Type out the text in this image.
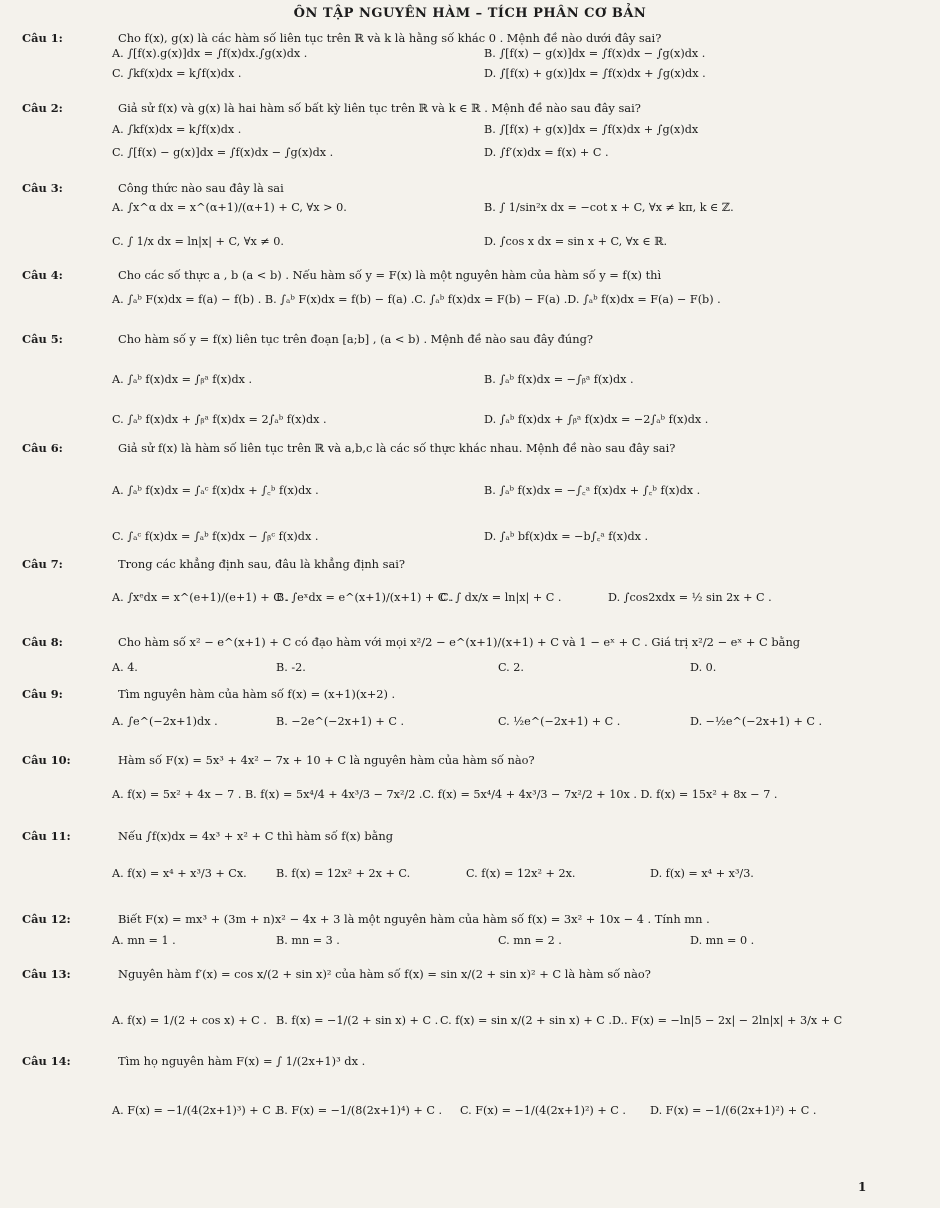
ÔN TẬP NGUYÊN HÀM – TÍCH PHÂN CƠ BẢN
Câu 1:	Cho f(x), g(x) là các hàm số liên tục trên ℝ và k là hằng số khác 0 . Mệnh đề nào dưới đây sai?
A. ∫[f(x).g(x)]dx = ∫f(x)dx.∫g(x)dx .	B. ∫[f(x) − g(x)]dx = ∫f(x)dx − ∫g(x)dx .
C. ∫kf(x)dx = k∫f(x)dx .	D. ∫[f(x) + g(x)]dx = ∫f(x)dx + ∫g(x)dx .
Câu 2:	Giả sử f(x) và g(x) là hai hàm số bất kỳ liên tục trên ℝ và k ∈ ℝ . Mệnh đề nào sau đây sai?
A. ∫kf(x)dx = k∫f(x)dx .	B. ∫[f(x) + g(x)]dx = ∫f(x)dx + ∫g(x)dx
C. ∫[f(x) − g(x)]dx = ∫f(x)dx − ∫g(x)dx .	D. ∫f′(x)dx = f(x) + C .
Câu 3:	Công thức nào sau đây là sai
A. ∫x^α dx = x^(α+1)/(α+1) + C, ∀x > 0.	B. ∫ 1/sin²x dx = −cot x + C, ∀x ≠ kπ, k ∈ ℤ.
C. ∫ 1/x dx = ln|x| + C, ∀x ≠ 0.	D. ∫cos x dx = sin x + C, ∀x ∈ ℝ.
Câu 4:	Cho các số thực a , b (a < b) . Nếu hàm số y = F(x) là một nguyên hàm của hàm số y = f(x) thì
A. ∫ₐᵇ F(x)dx = f(a) − f(b) . B. ∫ₐᵇ F(x)dx = f(b) − f(a) .C. ∫ₐᵇ f(x)dx = F(b) − F(a) .D. ∫ₐᵇ f(x)dx = F(a) − F(b) .
Câu 5:	Cho hàm số y = f(x) liên tục trên đoạn [a;b] , (a < b) . Mệnh đề nào sau đây đúng?
A. ∫ₐᵇ f(x)dx = ∫ᵦᵃ f(x)dx .	B. ∫ₐᵇ f(x)dx = −∫ᵦᵃ f(x)dx .
C. ∫ₐᵇ f(x)dx + ∫ᵦᵃ f(x)dx = 2∫ₐᵇ f(x)dx .	D. ∫ₐᵇ f(x)dx + ∫ᵦᵃ f(x)dx = −2∫ₐᵇ f(x)dx .
Câu 6:	Giả sử f(x) là hàm số liên tục trên ℝ và a,b,c là các số thực khác nhau. Mệnh đề nào sau đây sai?
A. ∫ₐᵇ f(x)dx = ∫ₐᶜ f(x)dx + ∫꜀ᵇ f(x)dx .	B. ∫ₐᵇ f(x)dx = −∫꜀ᵃ f(x)dx + ∫꜀ᵇ f(x)dx .
C. ∫ₐᶜ f(x)dx = ∫ₐᵇ f(x)dx − ∫ᵦᶜ f(x)dx .	D. ∫ₐᵇ bf(x)dx = −b∫꜀ᵃ f(x)dx .
Câu 7:	Trong các khẳng định sau, đâu là khẳng định sai?
A. ∫xᵉdx = x^(e+1)/(e+1) + C .
B. ∫eˣdx = e^(x+1)/(x+1) + C .
C. ∫ dx/x = ln|x| + C .	D. ∫cos2xdx = ½ sin 2x + C .
Câu 8:	Cho hàm số x² − e^(x+1) + C có đạo hàm với mọi x²/2 − e^(x+1)/(x+1) + C và 1 − eˣ + C . Giá trị x²/2 − eˣ + C bằng
A. 4.	B. -2.	C. 2.	D. 0.
Câu 9:	Tìm nguyên hàm của hàm số f(x) = (x+1)(x+2) .
A. ∫e^(−2x+1)dx .	B. −2e^(−2x+1) + C .	C. ½e^(−2x+1) + C .	D. −½e^(−2x+1) + C .
Câu 10:	Hàm số F(x) = 5x³ + 4x² − 7x + 10 + C là nguyên hàm của hàm số nào?
A. f(x) = 5x² + 4x − 7 . B. f(x) = 5x⁴/4 + 4x³/3 − 7x²/2 .C. f(x) = 5x⁴/4 + 4x³/3 − 7x²/2 + 10x . D. f(x) = 15x² + 8x − 7 .
Câu 11:	Nếu ∫f(x)dx = 4x³ + x² + C thì hàm số f(x) bằng
A. f(x) = x⁴ + x³/3 + Cx.	B. f(x) = 12x² + 2x + C.	C. f(x) = 12x² + 2x.	D. f(x) = x⁴ + x³/3.
Câu 12:	Biết F(x) = mx³ + (3m + n)x² − 4x + 3 là một nguyên hàm của hàm số f(x) = 3x² + 10x − 4 . Tính mn .
A. mn = 1 .	B. mn = 3 .	C. mn = 2 .	D. mn = 0 .
Câu 13:	Nguyên hàm f′(x) = cos x/(2 + sin x)² của hàm số f(x) = sin x/(2 + sin x)² + C là hàm số nào?
A. f(x) = 1/(2 + cos x) + C . B. f(x) = −1/(2 + sin x) + C . C. f(x) = sin x/(2 + sin x) + C . D.. F(x) = −ln|5 − 2x| − 2ln|x| + 3/x + C
Câu 14:	Tìm họ nguyên hàm F(x) = ∫ 1/(2x+1)³ dx .
A. F(x) = −1/(4(2x+1)³) + C .
B. F(x) = −1/(8(2x+1)⁴) + C . C. F(x) = −1/(4(2x+1)²) + C . D. F(x) = −1/(6(2x+1)²) + C .
1
